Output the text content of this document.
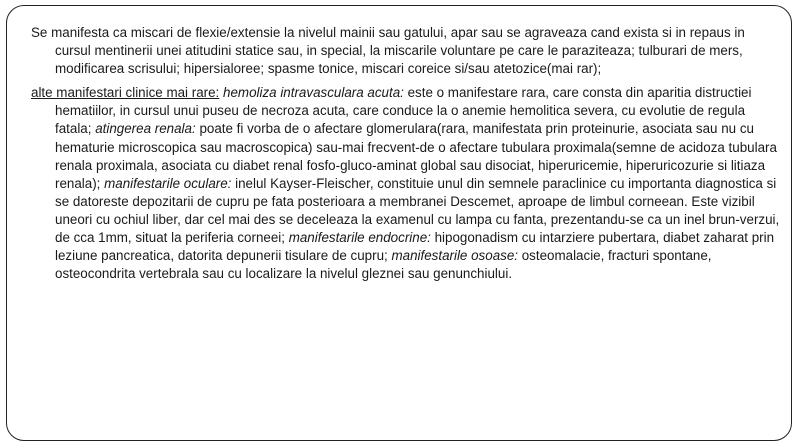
Se manifesta ca miscari de flexie/extensie la nivelul mainii sau gatului, apar sau se agraveaza cand exista si in repaus in cursul mentinerii unei atitudini statice sau, in special, la miscarile voluntare pe care le paraziteaza; tulburari de mers, modificarea scrisului; hipersialoree; spasme tonice, miscari coreice si/sau atetozice(mai rar);

alte manifestari clinice mai rare: hemoliza intravasculara acuta: este o manifestare rara, care consta din aparitia distructiei hematiilor, in cursul unui puseu de necroza acuta, care conduce la o anemie hemolitica severa, cu evolutie de regula fatala; atingerea renala: poate fi vorba de o afectare glomerulara(rara, manifestata prin proteinurie, asociata sau nu cu hematurie microscopica sau macroscopica) sau-mai frecvent-de o afectare tubulara proximala(semne de acidoza tubulara renala proximala, asociata cu diabet renal fosfo-gluco-aminat global sau disociat, hiperuricemie, hiperuricozurie si litiaza renala); manifestarile oculare: inelul Kayser-Fleischer, constituie unul din semnele paraclinice cu importanta diagnostica si se datoreste depozitarii de cupru pe fata posterioara a membranei Descemet, aproape de limbul corneean. Este vizibil uneori cu ochiul liber, dar cel mai des se deceleaza la examenul cu lampa cu fanta, prezentandu-se ca un inel brun-verzui, de cca 1mm, situat la periferia corneei; manifestarile endocrine: hipogonadism cu intarziere pubertara, diabet zaharat prin leziune pancreatica, datorita depunerii tisulare de cupru; manifestarile osoase: osteomalacie, fracturi spontane, osteocondrita vertebrala sau cu localizare la nivelul gleznei sau genunchiului.
